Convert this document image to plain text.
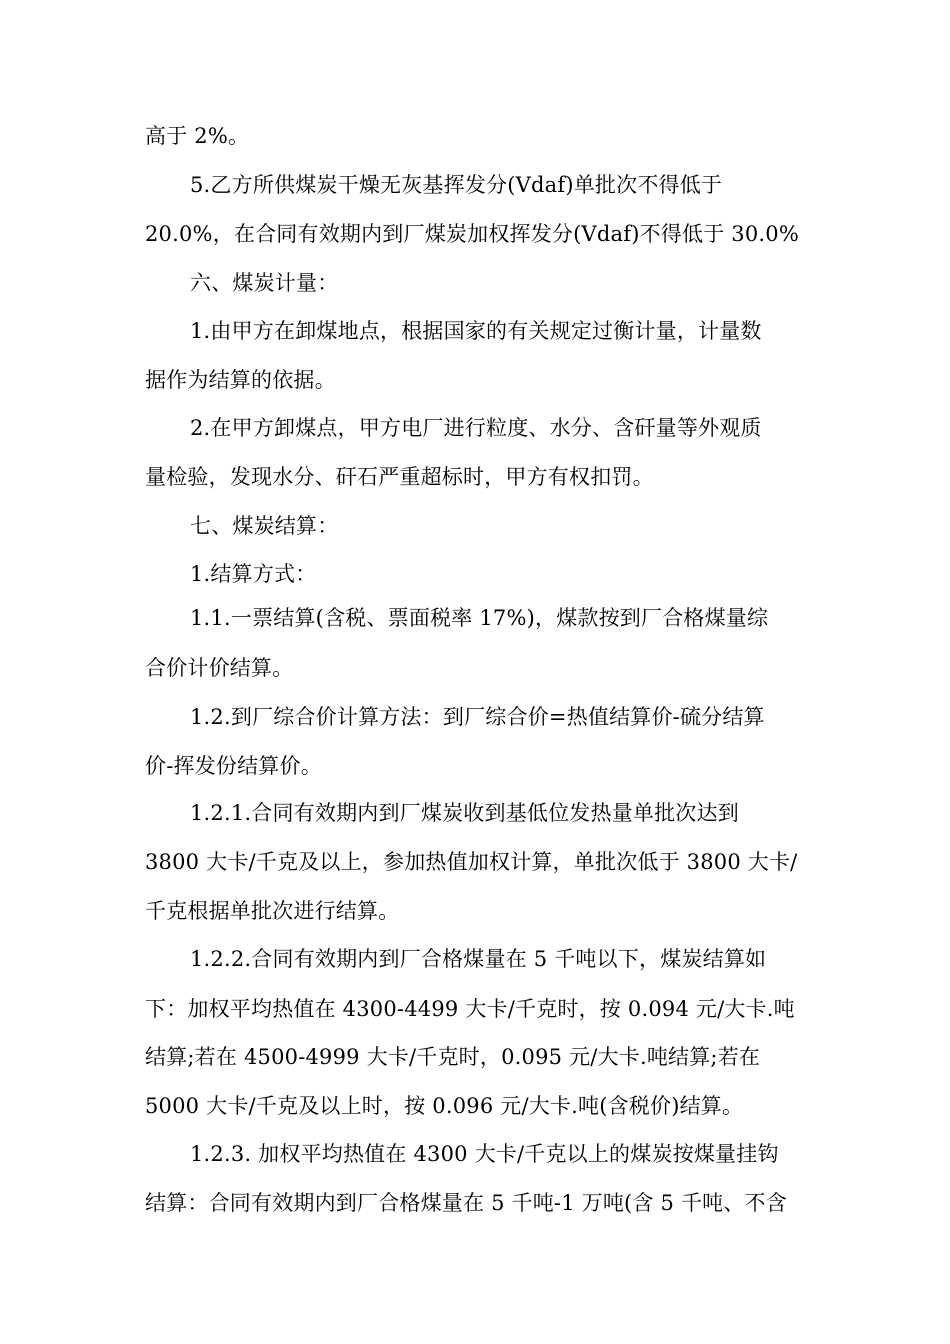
高于 2%。
5.乙方所供煤炭干燥无灰基挥发分(Vdaf)单批次不得低于
20.0%，在合同有效期内到厂煤炭加权挥发分(Vdaf)不得低于 30.0%
六、煤炭计量：
1.由甲方在卸煤地点，根据国家的有关规定过衡计量，计量数
据作为结算的依据。
2.在甲方卸煤点，甲方电厂进行粒度、水分、含矸量等外观质
量检验，发现水分、矸石严重超标时，甲方有权扣罚。
七、煤炭结算：
1.结算方式：
1.1.一票结算(含税、票面税率 17%)，煤款按到厂合格煤量综
合价计价结算。
1.2.到厂综合价计算方法：到厂综合价=热值结算价-硫分结算
价-挥发份结算价。
1.2.1.合同有效期内到厂煤炭收到基低位发热量单批次达到
3800 大卡/千克及以上，参加热值加权计算，单批次低于 3800 大卡/
千克根据单批次进行结算。
1.2.2.合同有效期内到厂合格煤量在 5 千吨以下，煤炭结算如
下：加权平均热值在 4300-4499 大卡/千克时，按 0.094 元/大卡.吨
结算;若在 4500-4999 大卡/千克时，0.095 元/大卡.吨结算;若在
5000 大卡/千克及以上时，按 0.096 元/大卡.吨(含税价)结算。
1.2.3. 加权平均热值在 4300 大卡/千克以上的煤炭按煤量挂钩
结算：合同有效期内到厂合格煤量在 5 千吨-1 万吨(含 5 千吨、不含
